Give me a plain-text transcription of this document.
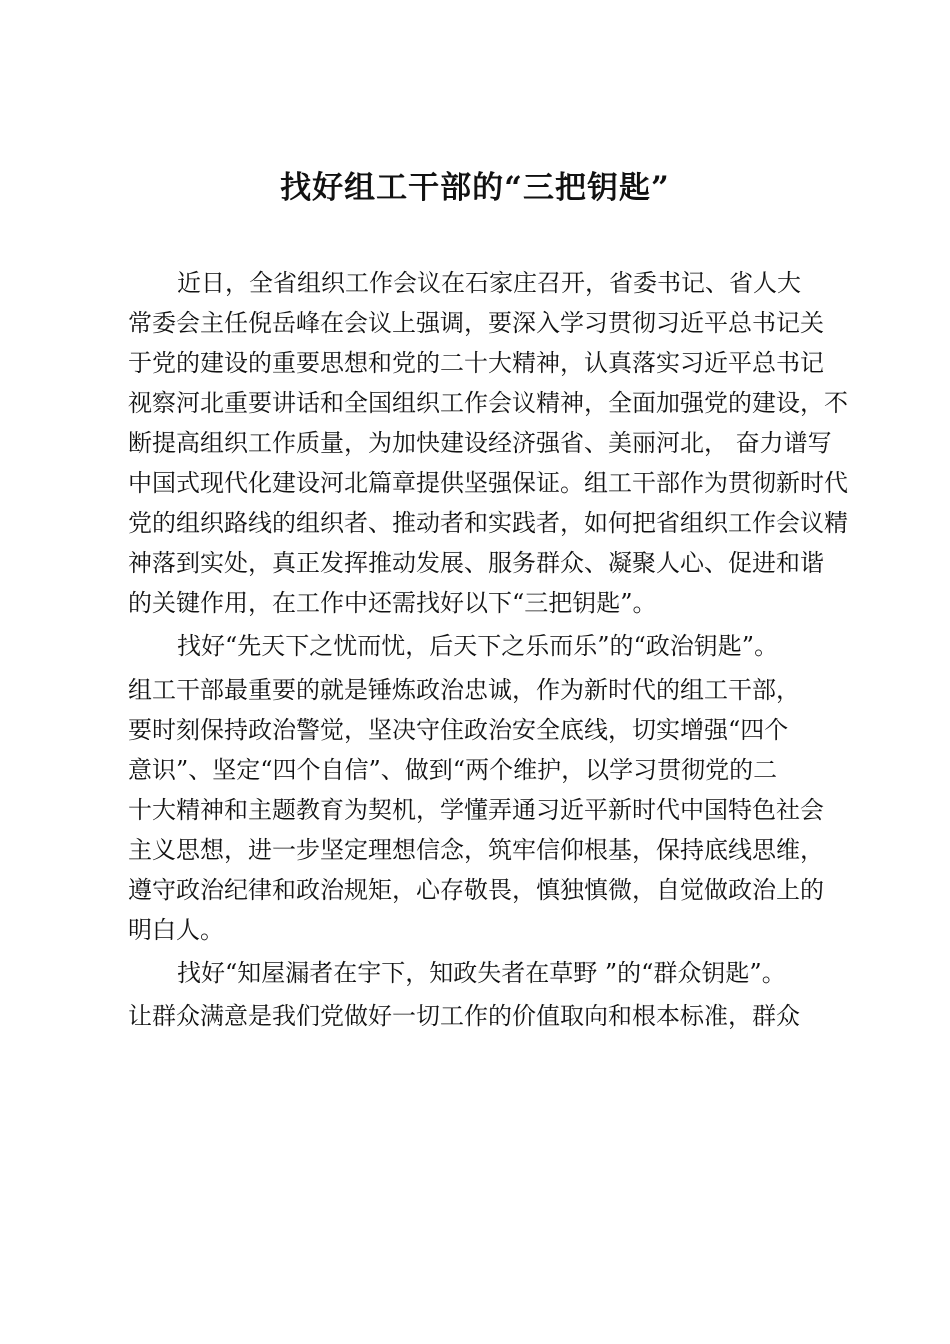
找好组工干部的“三把钥匙”
近日，全省组织工作会议在石家庄召开，省委书记、省人大
常委会主任倪岳峰在会议上强调，要深入学习贯彻习近平总书记关
于党的建设的重要思想和党的二十大精神，认真落实习近平总书记
视察河北重要讲话和全国组织工作会议精神，全面加强党的建设，不
断提高组织工作质量，为加快建设经济强省、美丽河北， 奋力谱写
中国式现代化建设河北篇章提供坚强保证。组工干部作为贯彻新时代
党的组织路线的组织者、推动者和实践者，如何把省组织工作会议精
神落到实处，真正发挥推动发展、服务群众、凝聚人心、促进和谐
的关键作用，在工作中还需找好以下“三把钥匙”。
找好“先天下之忧而忧，后天下之乐而乐”的“政治钥匙”。
组工干部最重要的就是锤炼政治忠诚，作为新时代的组工干部，
要时刻保持政治警觉，坚决守住政治安全底线，切实增强“四个
意识”、坚定“四个自信”、做到“两个维护，以学习贯彻党的二
十大精神和主题教育为契机，学懂弄通习近平新时代中国特色社会
主义思想，进一步坚定理想信念，筑牢信仰根基，保持底线思维，
遵守政治纪律和政治规矩，心存敬畏，慎独慎微，自觉做政治上的
明白人。
找好“知屋漏者在宇下，知政失者在草野 ”的“群众钥匙”。
让群众满意是我们党做好一切工作的价值取向和根本标准，群众
